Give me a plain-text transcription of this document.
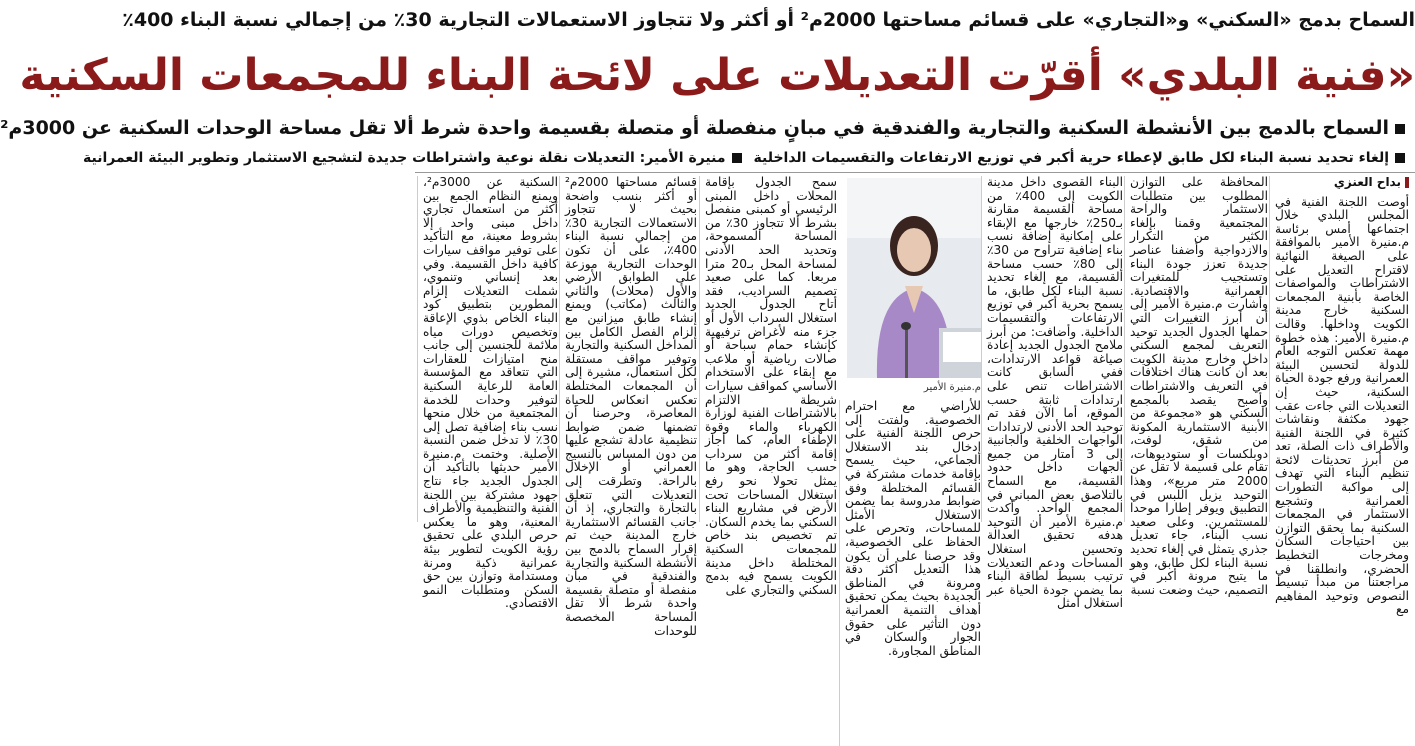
السماح بدمج «السكني» و«التجاري» على قسائم مساحتها 2000م² أو أكثر ولا تتجاوز الاستعمالات التجارية 30٪ من إجمالي نسبة البناء 400٪
«فنية البلدي» أقرّت التعديلات على لائحة البناء للمجمعات السكنية
السماح بالدمج بين الأنشطة السكنية والتجارية والفندقية في مبانٍ منفصلة أو متصلة بقسيمة واحدة شرط ألا تقل مساحة الوحدات السكنية عن 3000م²
إلغاء تحديد نسبة البناء لكل طابق لإعطاء حرية أكبر في توزيع الارتفاعات والتقسيمات الداخلية
منيرة الأمير: التعديلات نقلة نوعية واشتراطات جديدة لتشجيع الاستثمار وتطوير البيئة العمرانية
بداح العنزي
أوصت اللجنة الفنية في المجلس البلدي خلال اجتماعها أمس برئاسة م.منيرة الأمير بالموافقة على الصيغة النهائية لاقتراح التعديل على الاشتراطات والمواصفات الخاصة بأبنية المجمعات السكنية خارج مدينة الكويت وداخلها. وقالت م.منيرة الأمير: هذه خطوة مهمة تعكس التوجه العام للدولة لتحسين البيئة العمرانية ورفع جودة الحياة السكنية، حيث إن التعديلات التي جاءت عقب جهود مكثفة ونقاشات كثيرة في اللجنة الفنية والأطراف ذات الصلة، تعد من أبرز تحديثات لائحة تنظيم البناء التي تهدف إلى مواكبة التطورات العمرانية وتشجيع الاستثمار في المجمعات السكنية بما يحقق التوازن بين احتياجات السكان ومخرجات التخطيط الحضري، وانطلقنا في مراجعتنا من مبدأ تبسيط النصوص وتوحيد المفاهيم مع
المحافظة على التوازن المطلوب بين متطلبات الاستثمار والراحة المجتمعية وقمنا بإلغاء الكثير من التكرار والازدواجية وأضفنا عناصر جديدة تعزز جودة البناء وتستجيب للمتغيرات العمرانية والاقتصادية. وأشارت م.منيرة الأمير إلى أن أبرز التغييرات التي حملها الجدول الجديد توحيد التعريف لمجمع السكني داخل وخارج مدينة الكويت بعد أن كانت هناك اختلافات في التعريف والاشتراطات وأصبح يقصد بالمجمع السكني هو «مجموعة من الأبنية الاستثمارية المكونة من شقق، لوفت، دوبلكسات أو ستوديوهات، تقام على قسيمة لا تقل عن 2000 متر مربع»، وهذا التوحيد يزيل اللبس في التطبيق ويوفر إطارا موحدا للمستثمرين. وعلى صعيد نسب البناء، جاء تعديل جذري يتمثل في إلغاء تحديد نسبة البناء لكل طابق، وهو ما يتيح مرونة أكبر في التصميم، حيث وضعت نسبة
البناء القصوى داخل مدينة الكويت إلى 400٪ من مساحة القسيمة مقارنة بـ250٪ خارجها مع الإبقاء على إمكانية إضافة نسب بناء إضافية تتراوح من 30٪ إلى 80٪ حسب مساحة القسيمة، مع إلغاء تحديد نسبة البناء لكل طابق، ما يسمح بحرية أكبر في توزيع الارتفاعات والتقسيمات الداخلية. وأضافت: من أبرز ملامح الجدول الجديد إعادة صياغة قواعد الارتدادات، ففي السابق كانت الاشتراطات تنص على ارتدادات ثابتة حسب الموقع، أما الآن فقد تم توحيد الحد الأدنى لارتدادات الواجهات الخلفية والجانبية إلى 3 أمتار من جميع الجهات داخل حدود القسيمة، مع السماح بالتلاصق بعض المباني في المجمع الواحد. وأكدت م.منيرة الأمير أن التوحيد هدفه تحقيق العدالة وتحسين استغلال المساحات ودعم التعديلات ترتيب بسيط لطاقة البناء بما يضمن جودة الحياة عبر استغلال أمثل
م.منيرة الأمير
للأراضي مع احترام الخصوصية. ولفتت إلى حرص اللجنة الفنية على إدخال بند الاستغلال الجماعي، حيث يسمح بإقامة خدمات مشتركة في القسائم المختلطة وفق ضوابط مدروسة بما يضمن الاستغلال الأمثل للمساحات، وتحرص على الحفاظ على الخصوصية، وقد حرصنا على أن يكون هذا التعديل أكثر دقة ومرونة في المناطق الجديدة بحيث يمكن تحقيق أهداف التنمية العمرانية دون التأثير على حقوق الجوار والسكان في المناطق المجاورة.
سمح الجدول بإقامة المحلات داخل المبنى الرئيسي أو كمبنى منفصل بشرط ألا تتجاوز 30٪ من المساحة المسموحة، وتحديد الحد الأدنى لمساحة المحل بـ20 مترا مربعا. كما على صعيد تصميم السراديب، فقد أتاح الجدول الجديد استغلال السرداب الأول أو جزء منه لأغراض ترفيهية كإنشاء حمام سباحة أو صالات رياضية أو ملاعب مع إبقاء على الاستخدام الأساسي كمواقف سيارات شريطة الالتزام بالاشتراطات الفنية لوزارة الكهرباء والماء وقوة الإطفاء العام، كما أجاز إقامة أكثر من سرداب حسب الحاجة، وهو ما يمثل تحولا نحو رفع استغلال المساحات تحت الأرض في مشاريع البناء السكني بما يخدم السكان. تم تخصيص بند خاص للمجمعات السكنية المختلطة داخل مدينة الكويت يسمح فيه بدمج السكني والتجاري على
قسائم مساحتها 2000م² أو أكثر بنسب واضحة بحيث لا تتجاوز الاستعمالات التجارية 30٪ من إجمالي نسبة البناء 400٪، على أن تكون الوحدات التجارية موزعة على الطوابق الأرضي والأول (محلات) والثاني والثالث (مكاتب) ويمنع إنشاء طابق ميزانين مع إلزام الفصل الكامل بين المداخل السكنية والتجارية وتوفير مواقف مستقلة لكل استعمال، مشيرة إلى أن المجمعات المختلطة تعكس انعكاس للحياة المعاصرة، وحرصنا أن تضمنها ضمن ضوابط تنظيمية عادلة تشجع عليها من دون المساس بالنسيج العمراني أو الإخلال بالراحة. وتطرقت إلى التعديلات التي تتعلق بالتجارة والتجاري، إذ أن جانب القسائم الاستثمارية خارج المدينة حيث تم إقرار السماح بالدمج بين الأنشطة السكنية والتجارية والفندقية في مبان منفصلة أو متصلة بقسيمة واحدة شرط ألا تقل المساحة المخصصة للوحدات
السكنية عن 3000م²، ويمنع النظام الجمع بين أكثر من استعمال تجاري داخل مبنى واحد إلا بشروط معينة، مع التأكيد على توفير مواقف سيارات كافية داخل القسيمة. وفي بعد إنساني وتنموي، شملت التعديلات إلزام المطورين بتطبيق كود البناء الخاص بذوي الإعاقة وتخصيص دورات مياه ملائمة للجنسين إلى جانب منح امتيازات للعقارات التي تتعاقد مع المؤسسة العامة للرعاية السكنية لتوفير وحدات للخدمة المجتمعية من خلال منحها نسب بناء إضافية تصل إلى 30٪ لا تدخل ضمن النسبة الأصلية. وختمت م.منيرة الأمير حديثها بالتأكيد أن الجدول الجديد جاء نتاج جهود مشتركة بين اللجنة الفنية والتنظيمية والأطراف المعنية، وهو ما يعكس حرص البلدي على تحقيق رؤية الكويت لتطوير بيئة عمرانية ذكية ومرنة ومستدامة وتوازن بين حق السكن ومتطلبات النمو الاقتصادي.
